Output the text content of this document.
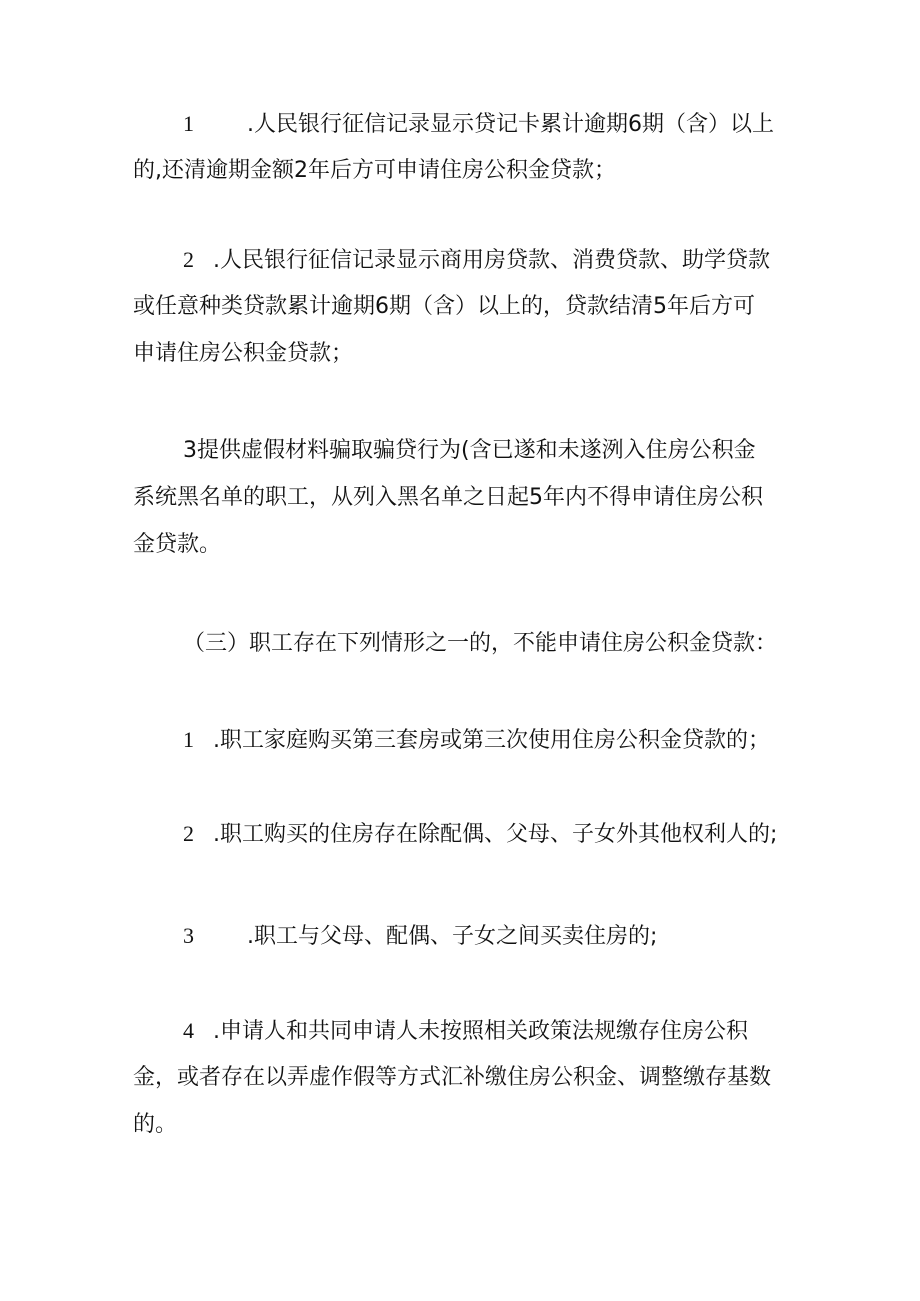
1 .人民银行征信记录显示贷记卡累计逾期6期（含）以上
的,还清逾期金额2年后方可申请住房公积金贷款；
2 .人民银行征信记录显示商用房贷款、消费贷款、助学贷款
或任意种类贷款累计逾期6期（含）以上的，贷款结清5年后方可
申请住房公积金贷款；
3提供虚假材料骗取骗贷行为(含已遂和未遂洌入住房公积金
系统黑名单的职工，从列入黑名单之日起5年内不得申请住房公积
金贷款。
（三）职工存在下列情形之一的，不能申请住房公积金贷款：
1 .职工家庭购买第三套房或第三次使用住房公积金贷款的；
2 .职工购买的住房存在除配偶、父母、子女外其他权利人的;
3 .职工与父母、配偶、子女之间买卖住房的;
4 .申请人和共同申请人未按照相关政策法规缴存住房公积
金，或者存在以弄虚作假等方式汇补缴住房公积金、调整缴存基数
的。
